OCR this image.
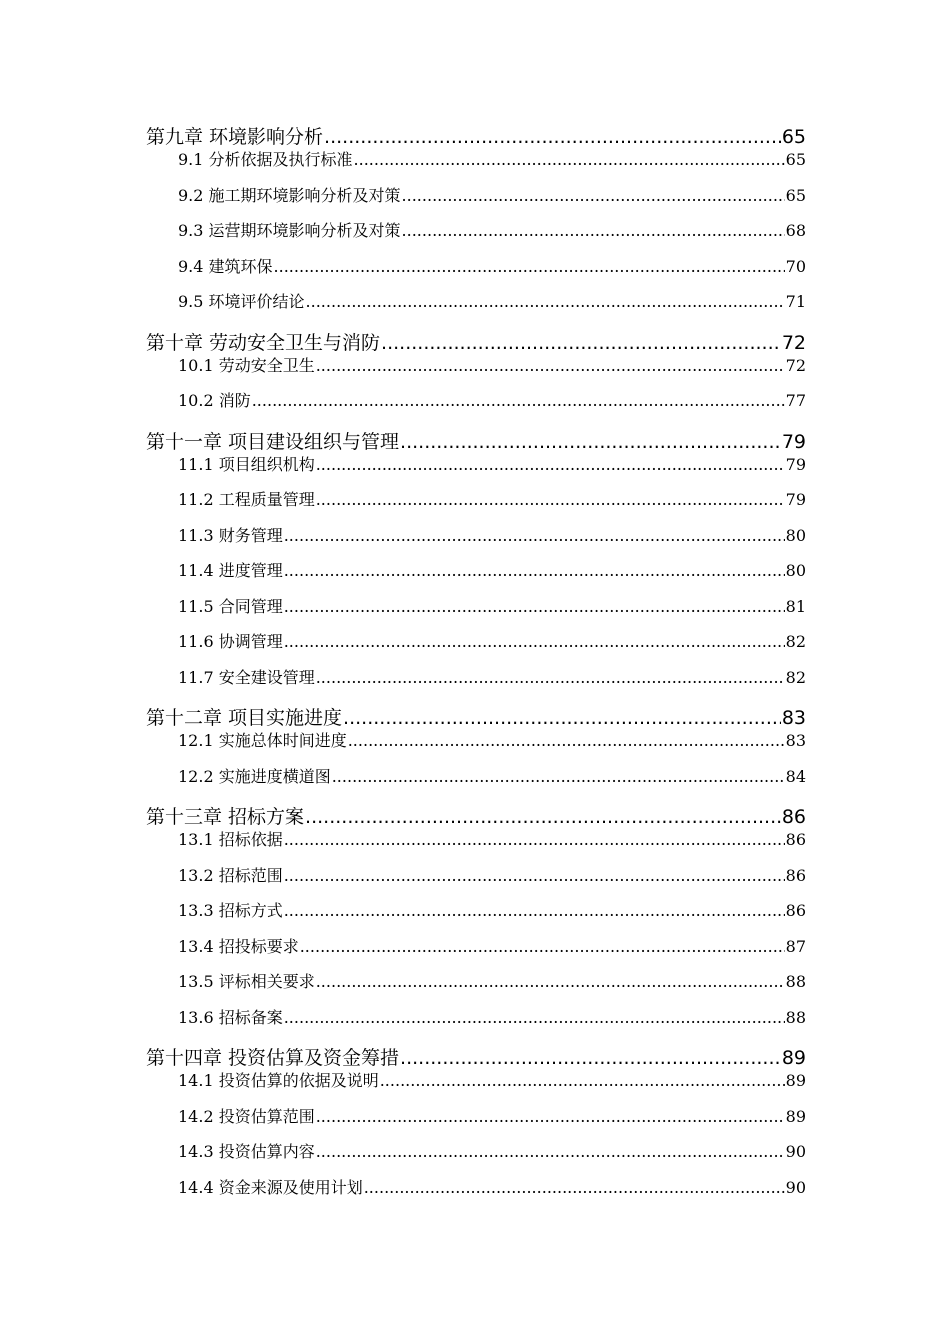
第九章 环境影响分析 .....	65
9.1 分析依据及执行标准 .....	65
9.2 施工期环境影响分析及对策 .....	65
9.3 运营期环境影响分析及对策 .....	68
9.4 建筑环保 .....	70
9.5 环境评价结论 .....	71
第十章 劳动安全卫生与消防 .....	72
10.1 劳动安全卫生 .....	72
10.2 消防 .....	77
第十一章 项目建设组织与管理 .....	79
11.1 项目组织机构 .....	79
11.2 工程质量管理 .....	79
11.3 财务管理 .....	80
11.4 进度管理 .....	80
11.5 合同管理 .....	81
11.6 协调管理 .....	82
11.7 安全建设管理 .....	82
第十二章 项目实施进度 .....	83
12.1 实施总体时间进度 .....	83
12.2 实施进度横道图 .....	84
第十三章 招标方案 .....	86
13.1 招标依据 .....	86
13.2 招标范围 .....	86
13.3 招标方式 .....	86
13.4 招投标要求 .....	87
13.5 评标相关要求 .....	88
13.6 招标备案 .....	88
第十四章 投资估算及资金筹措 .....	89
14.1 投资估算的依据及说明 .....	89
14.2 投资估算范围 .....	89
14.3 投资估算内容 .....	90
14.4 资金来源及使用计划 .....	90
